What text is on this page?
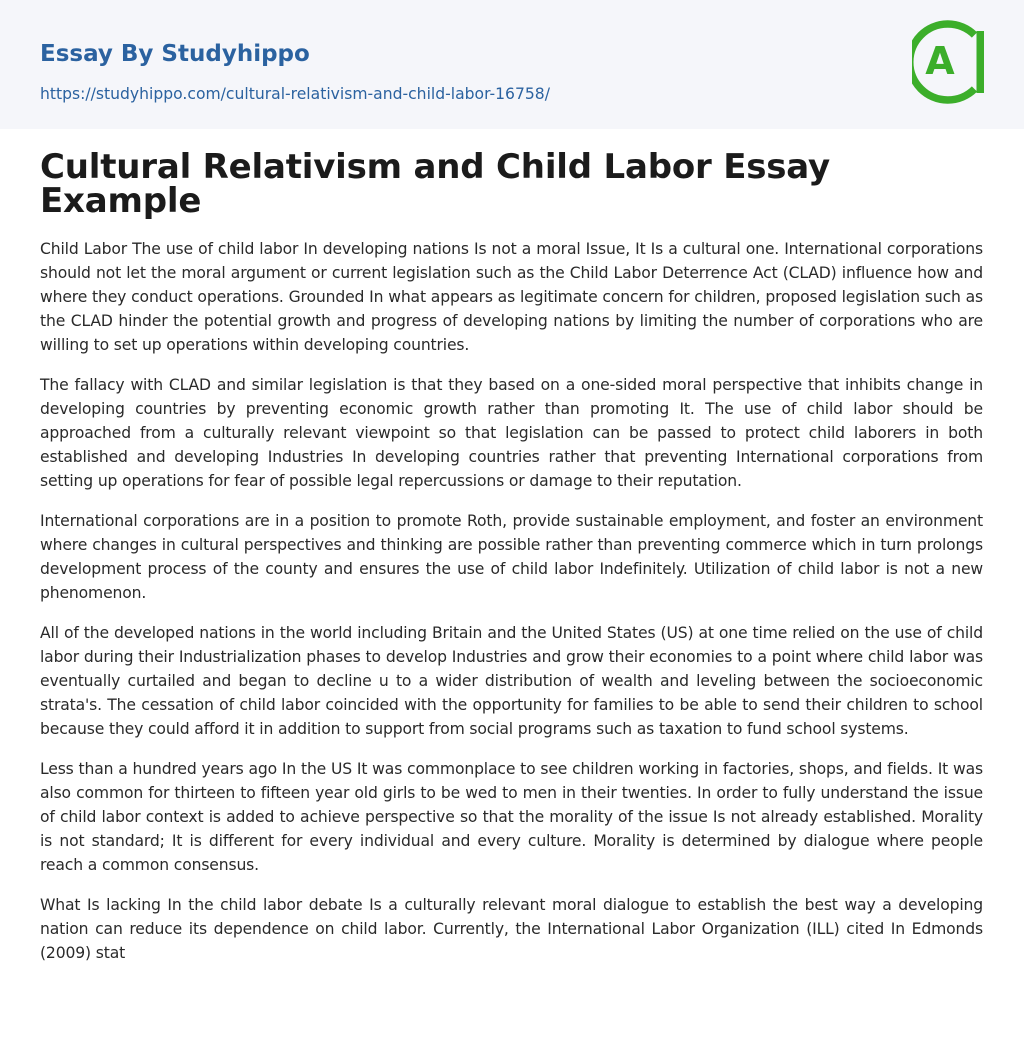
Essay By Studyhippo
https://studyhippo.com/cultural-relativism-and-child-labor-16758/
A
Cultural Relativism and Child Labor Essay Example

Child Labor The use of child labor In developing nations Is not a moral Issue, It Is a cultural one. International corporations should not let the moral argument or current legislation such as the Child Labor Deterrence Act (CLAD) influence how and where they conduct operations. Grounded In what appears as legitimate concern for children, proposed legislation such as the CLAD hinder the potential growth and progress of developing nations by limiting the number of corporations who are willing to set up operations within developing countries.

The fallacy with CLAD and similar legislation is that they based on a one-sided moral perspective that inhibits change in developing countries by preventing economic growth rather than promoting It. The use of child labor should be approached from a culturally relevant viewpoint so that legislation can be passed to protect child laborers in both established and developing Industries In developing countries rather that preventing International corporations from setting up operations for fear of possible legal repercussions or damage to their reputation.

International corporations are in a position to promote Roth, provide sustainable employment, and foster an environment where changes in cultural perspectives and thinking are possible rather than preventing commerce which in turn prolongs development process of the county and ensures the use of child labor Indefinitely. Utilization of child labor is not a new phenomenon.

All of the developed nations in the world including Britain and the United States (US) at one time relied on the use of child labor during their Industrialization phases to develop Industries and grow their economies to a point where child labor was eventually curtailed and began to decline u to a wider distribution of wealth and leveling between the socioeconomic strata's. The cessation of child labor coincided with the opportunity for families to be able to send their children to school because they could afford it in addition to support from social programs such as taxation to fund school systems.

Less than a hundred years ago In the US It was commonplace to see children working in factories, shops, and fields. It was also common for thirteen to fifteen year old girls to be wed to men in their twenties. In order to fully understand the issue of child labor context is added to achieve perspective so that the morality of the issue Is not already established. Morality is not standard; It is different for every individual and every culture. Morality is determined by dialogue where people reach a common consensus.

What Is lacking In the child labor debate Is a culturally relevant moral dialogue to establish the best way a developing nation can reduce its dependence on child labor. Currently, the International Labor Organization (ILL) cited In Edmonds (2009) stat
